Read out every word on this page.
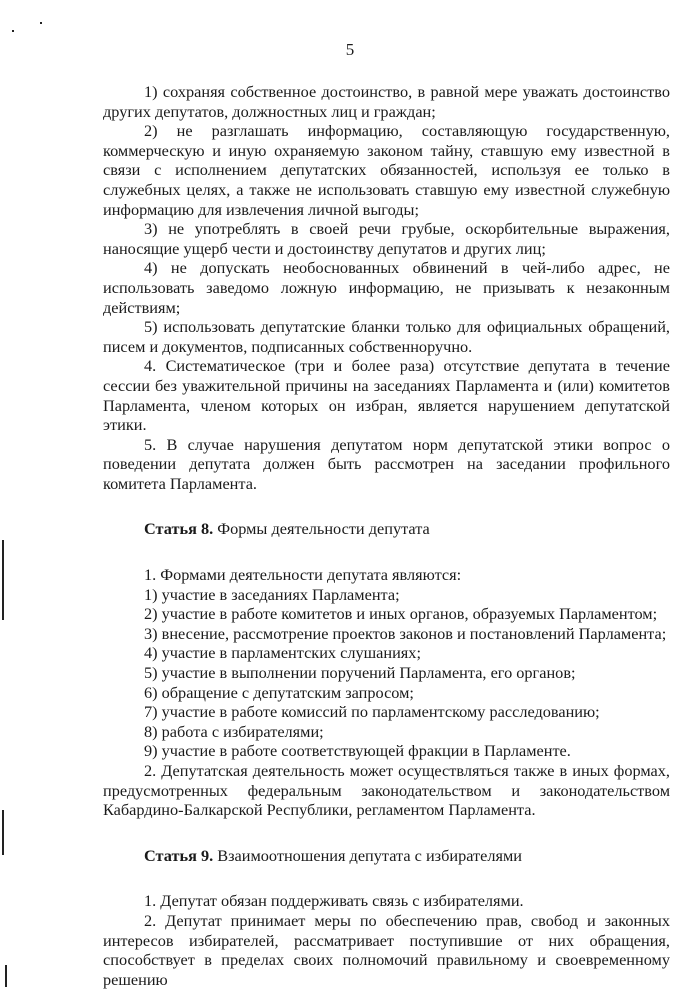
5

1) сохраняя собственное достоинство, в равной мере уважать достоинство других депутатов, должностных лиц и граждан;

2) не разглашать информацию, составляющую государственную, коммерческую и иную охраняемую законом тайну, ставшую ему известной в связи с исполнением депутатских обязанностей, используя ее только в служебных целях, а также не использовать ставшую ему известной служебную информацию для извлечения личной выгоды;

3) не употреблять в своей речи грубые, оскорбительные выражения, наносящие ущерб чести и достоинству депутатов и других лиц;

4) не допускать необоснованных обвинений в чей-либо адрес, не использовать заведомо ложную информацию, не призывать к незаконным действиям;

5) использовать депутатские бланки только для официальных обращений, писем и документов, подписанных собственноручно.

4. Систематическое (три и более раза) отсутствие депутата в течение сессии без уважительной причины на заседаниях Парламента и (или) комитетов Парламента, членом которых он избран, является нарушением депутатской этики.

5. В случае нарушения депутатом норм депутатской этики вопрос о поведении депутата должен быть рассмотрен на заседании профильного комитета Парламента.

Статья 8. Формы деятельности депутата

1. Формами деятельности депутата являются:

1) участие в заседаниях Парламента;

2) участие в работе комитетов и иных органов, образуемых Парламентом;

3) внесение, рассмотрение проектов законов и постановлений Парламента;

4) участие в парламентских слушаниях;

5) участие в выполнении поручений Парламента, его органов;

6) обращение с депутатским запросом;

7) участие в работе комиссий по парламентскому расследованию;

8) работа с избирателями;

9) участие в работе соответствующей фракции в Парламенте.

2. Депутатская деятельность может осуществляться также в иных формах, предусмотренных федеральным законодательством и законодательством Кабардино-Балкарской Республики, регламентом Парламента.

Статья 9. Взаимоотношения депутата с избирателями

1. Депутат обязан поддерживать связь с избирателями.

2. Депутат принимает меры по обеспечению прав, свобод и законных интересов избирателей, рассматривает поступившие от них обращения, способствует в пределах своих полномочий правильному и своевременному решению
